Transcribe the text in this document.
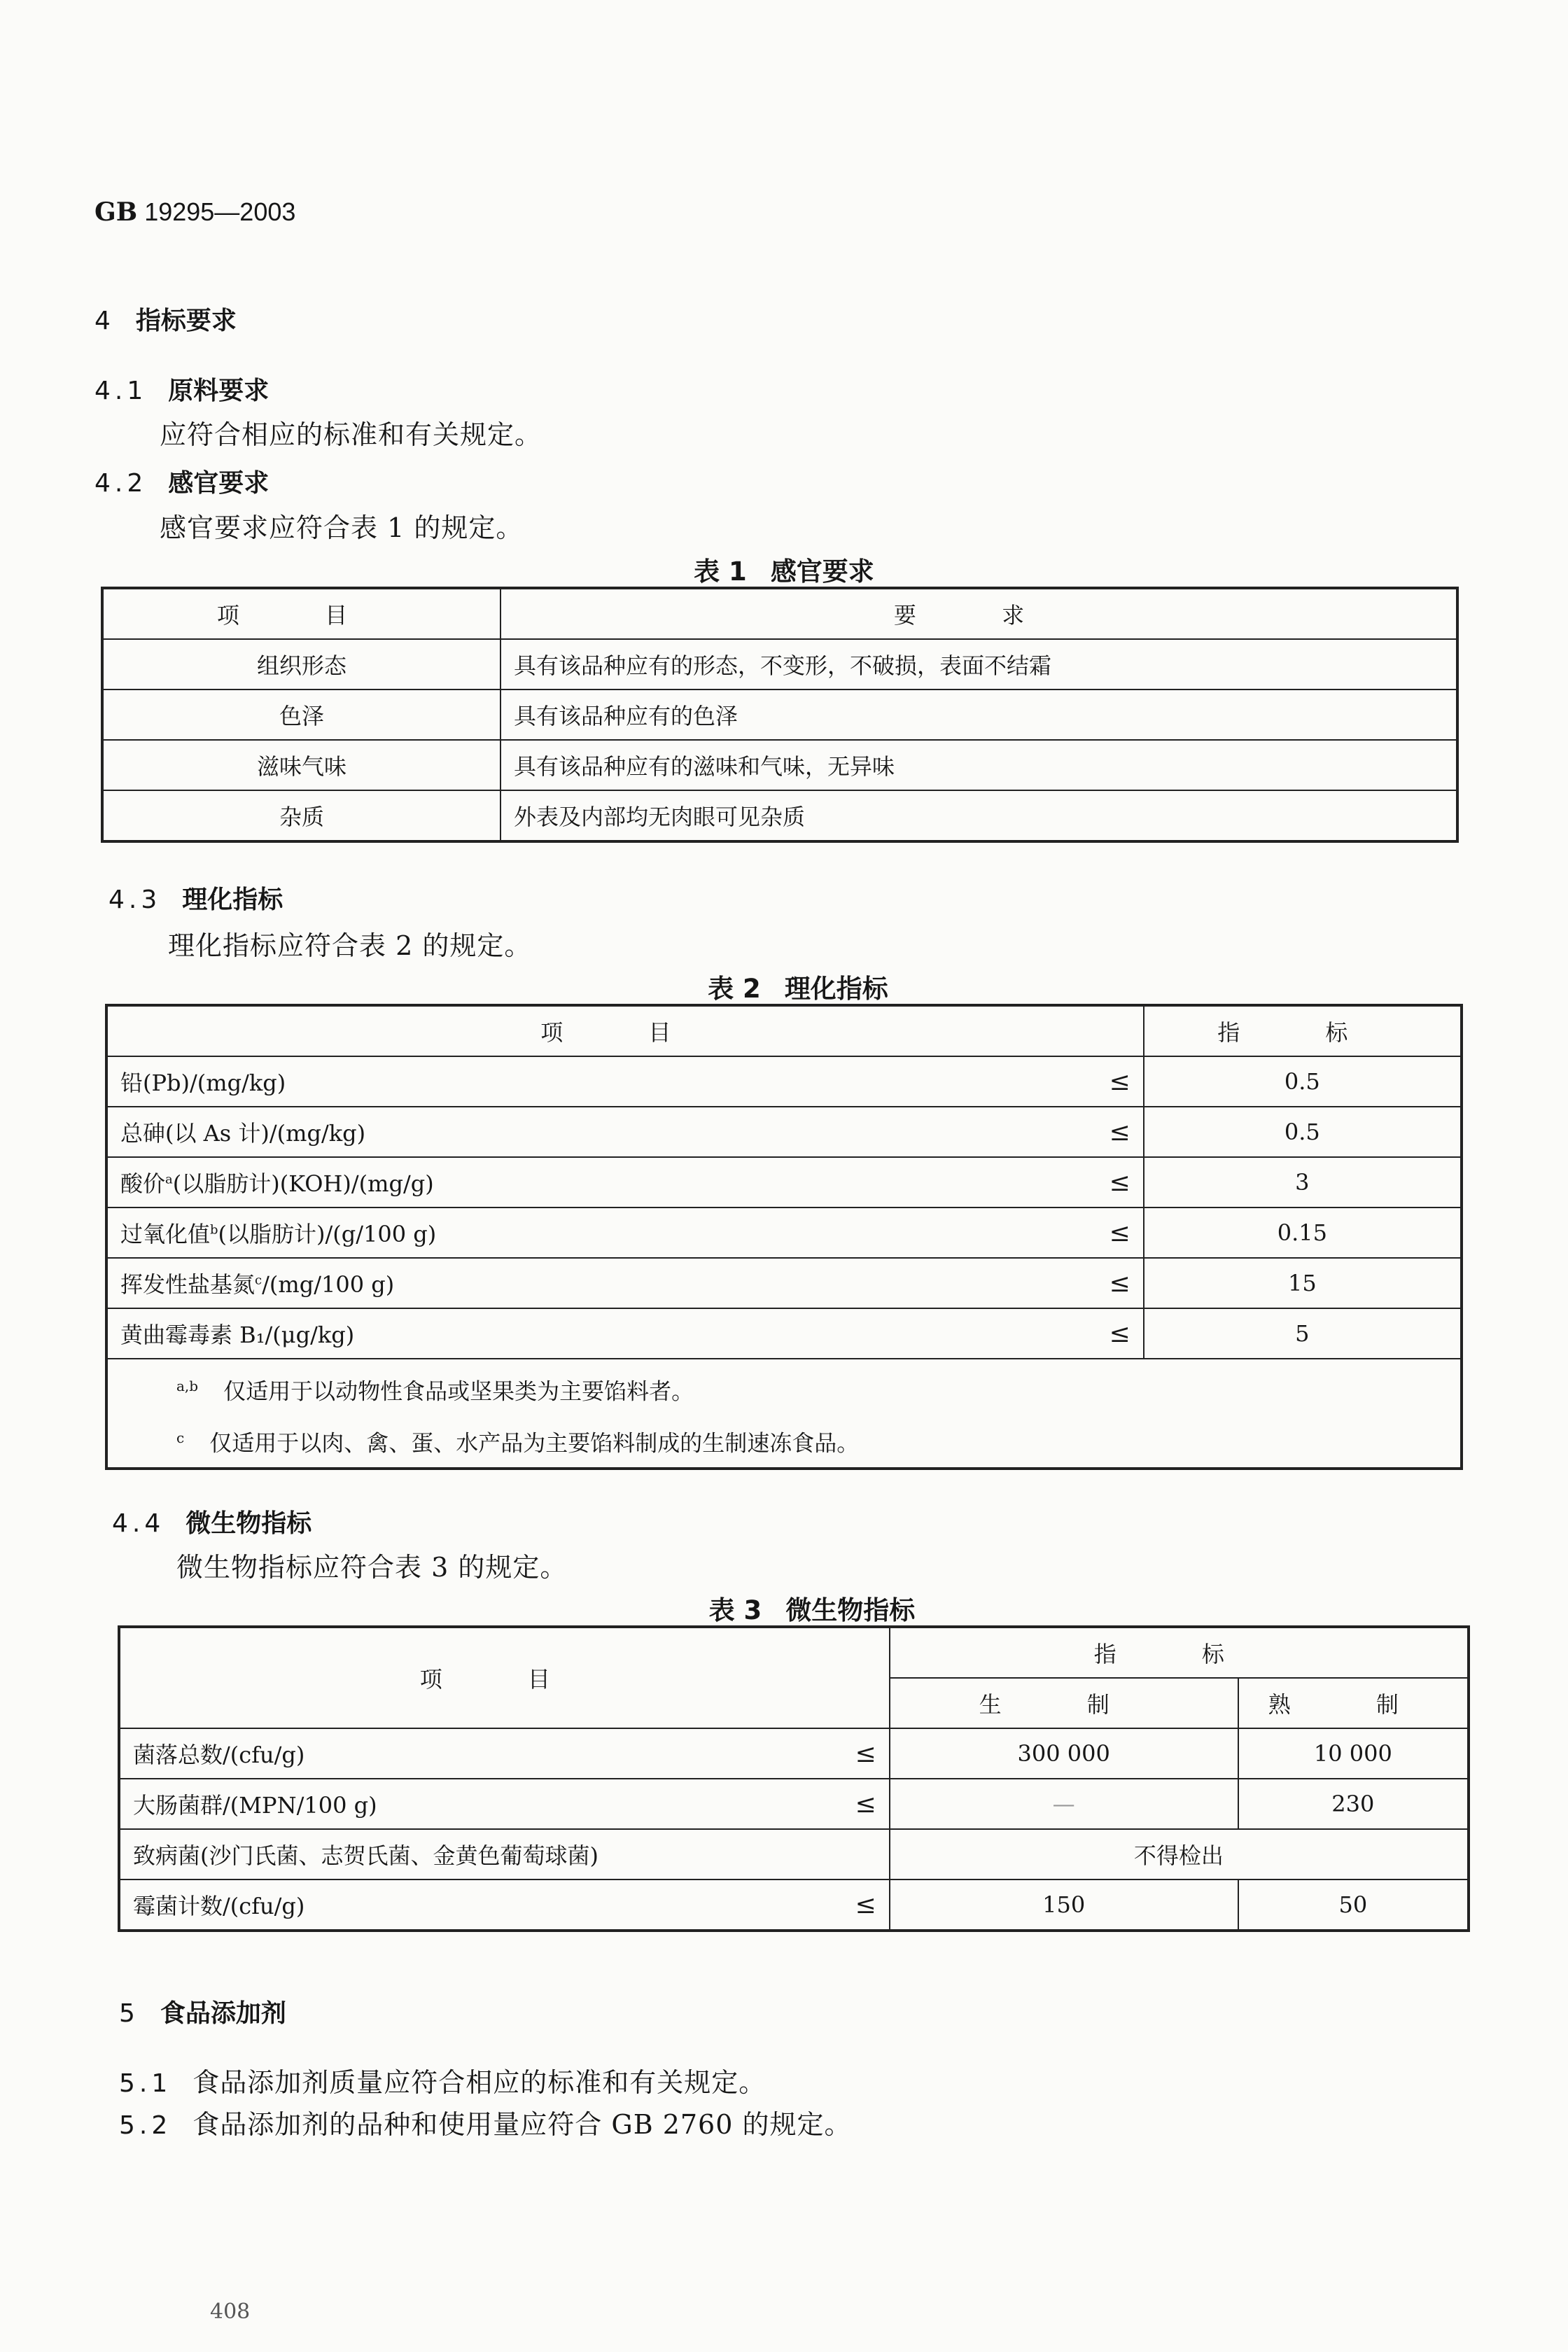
GB 19295—2003
4 指标要求
4.1 原料要求
应符合相应的标准和有关规定。
4.2 感官要求
感官要求应符合表 1 的规定。
表 1 感官要求
项 目	要 求
组织形态	具有该品种应有的形态，不变形，不破损，表面不结霜
色泽	具有该品种应有的色泽
滋味气味	具有该品种应有的滋味和气味，无异味
杂质	外表及内部均无肉眼可见杂质
4.3 理化指标
理化指标应符合表 2 的规定。
表 2 理化指标
项 目		指 标
铅(Pb)/(mg/kg)	≤	0.5
总砷(以 As 计)/(mg/kg)	≤	0.5
酸价$^a$(以脂肪计)(KOH)/(mg/g)	≤	3
过氧化值$^b$(以脂肪计)/(g/100 g)	≤	0.15
挥发性盐基氮$^c$/(mg/100 g)	≤	15
黄曲霉毒素 B₁/(μg/kg)	≤	5

$^{a,b}$ 仅适用于以动物性食品或坚果类为主要馅料者。
$^c$ 仅适用于以肉、禽、蛋、水产品为主要馅料制成的生制速冻食品。		
4.4 微生物指标
微生物指标应符合表 3 的规定。
表 3 微生物指标
项 目		指 标	
		生 制	熟 制
菌落总数/(cfu/g)	≤	300 000	10 000
大肠菌群/(MPN/100 g)	≤	—	230
致病菌(沙门氏菌、志贺氏菌、金黄色葡萄球菌)		不得检出	
霉菌计数/(cfu/g)	≤	150	50
5 食品添加剂
5.1 食品添加剂质量应符合相应的标准和有关规定。
5.2 食品添加剂的品种和使用量应符合 GB 2760 的规定。
408
